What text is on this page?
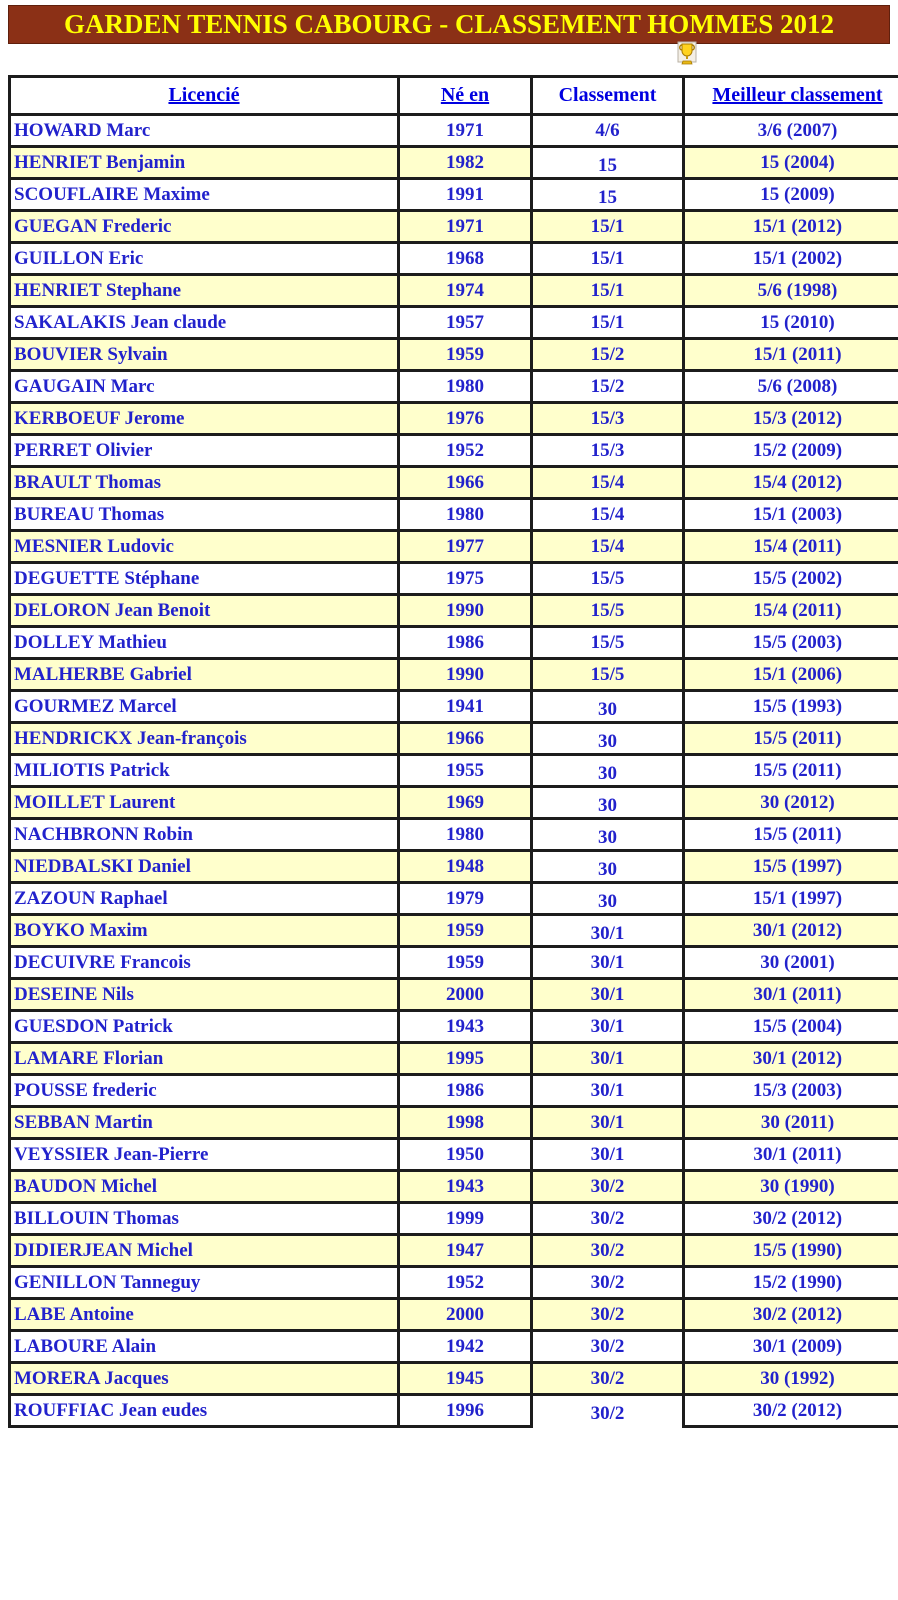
GARDEN TENNIS CABOURG - CLASSEMENT HOMMES 2012
Licencié	Né en	Classement	Meilleur classement
HOWARD Marc	1971	4/6	3/6 (2007)
HENRIET Benjamin	1982	15	15 (2004)
SCOUFLAIRE Maxime	1991	15	15 (2009)
GUEGAN Frederic	1971	15/1	15/1 (2012)
GUILLON Eric	1968	15/1	15/1 (2002)
HENRIET Stephane	1974	15/1	5/6 (1998)
SAKALAKIS Jean claude	1957	15/1	15 (2010)
BOUVIER Sylvain	1959	15/2	15/1 (2011)
GAUGAIN Marc	1980	15/2	5/6 (2008)
KERBOEUF Jerome	1976	15/3	15/3 (2012)
PERRET Olivier	1952	15/3	15/2 (2009)
BRAULT Thomas	1966	15/4	15/4 (2012)
BUREAU Thomas	1980	15/4	15/1 (2003)
MESNIER Ludovic	1977	15/4	15/4 (2011)
DEGUETTE Stéphane	1975	15/5	15/5 (2002)
DELORON Jean Benoit	1990	15/5	15/4 (2011)
DOLLEY Mathieu	1986	15/5	15/5 (2003)
MALHERBE Gabriel	1990	15/5	15/1 (2006)
GOURMEZ Marcel	1941	30	15/5 (1993)
HENDRICKX Jean-françois	1966	30	15/5 (2011)
MILIOTIS Patrick	1955	30	15/5 (2011)
MOILLET Laurent	1969	30	30 (2012)
NACHBRONN Robin	1980	30	15/5 (2011)
NIEDBALSKI Daniel	1948	30	15/5 (1997)
ZAZOUN Raphael	1979	30	15/1 (1997)
BOYKO Maxim	1959	30/1	30/1 (2012)
DECUIVRE Francois	1959	30/1	30 (2001)
DESEINE Nils	2000	30/1	30/1 (2011)
GUESDON Patrick	1943	30/1	15/5 (2004)
LAMARE Florian	1995	30/1	30/1 (2012)
POUSSE frederic	1986	30/1	15/3 (2003)
SEBBAN Martin	1998	30/1	30 (2011)
VEYSSIER Jean-Pierre	1950	30/1	30/1 (2011)
BAUDON Michel	1943	30/2	30 (1990)
BILLOUIN Thomas	1999	30/2	30/2 (2012)
DIDIERJEAN Michel	1947	30/2	15/5 (1990)
GENILLON Tanneguy	1952	30/2	15/2 (1990)
LABE Antoine	2000	30/2	30/2 (2012)
LABOURE Alain	1942	30/2	30/1 (2009)
MORERA Jacques	1945	30/2	30 (1992)
ROUFFIAC Jean eudes	1996	30/2	30/2 (2012)
